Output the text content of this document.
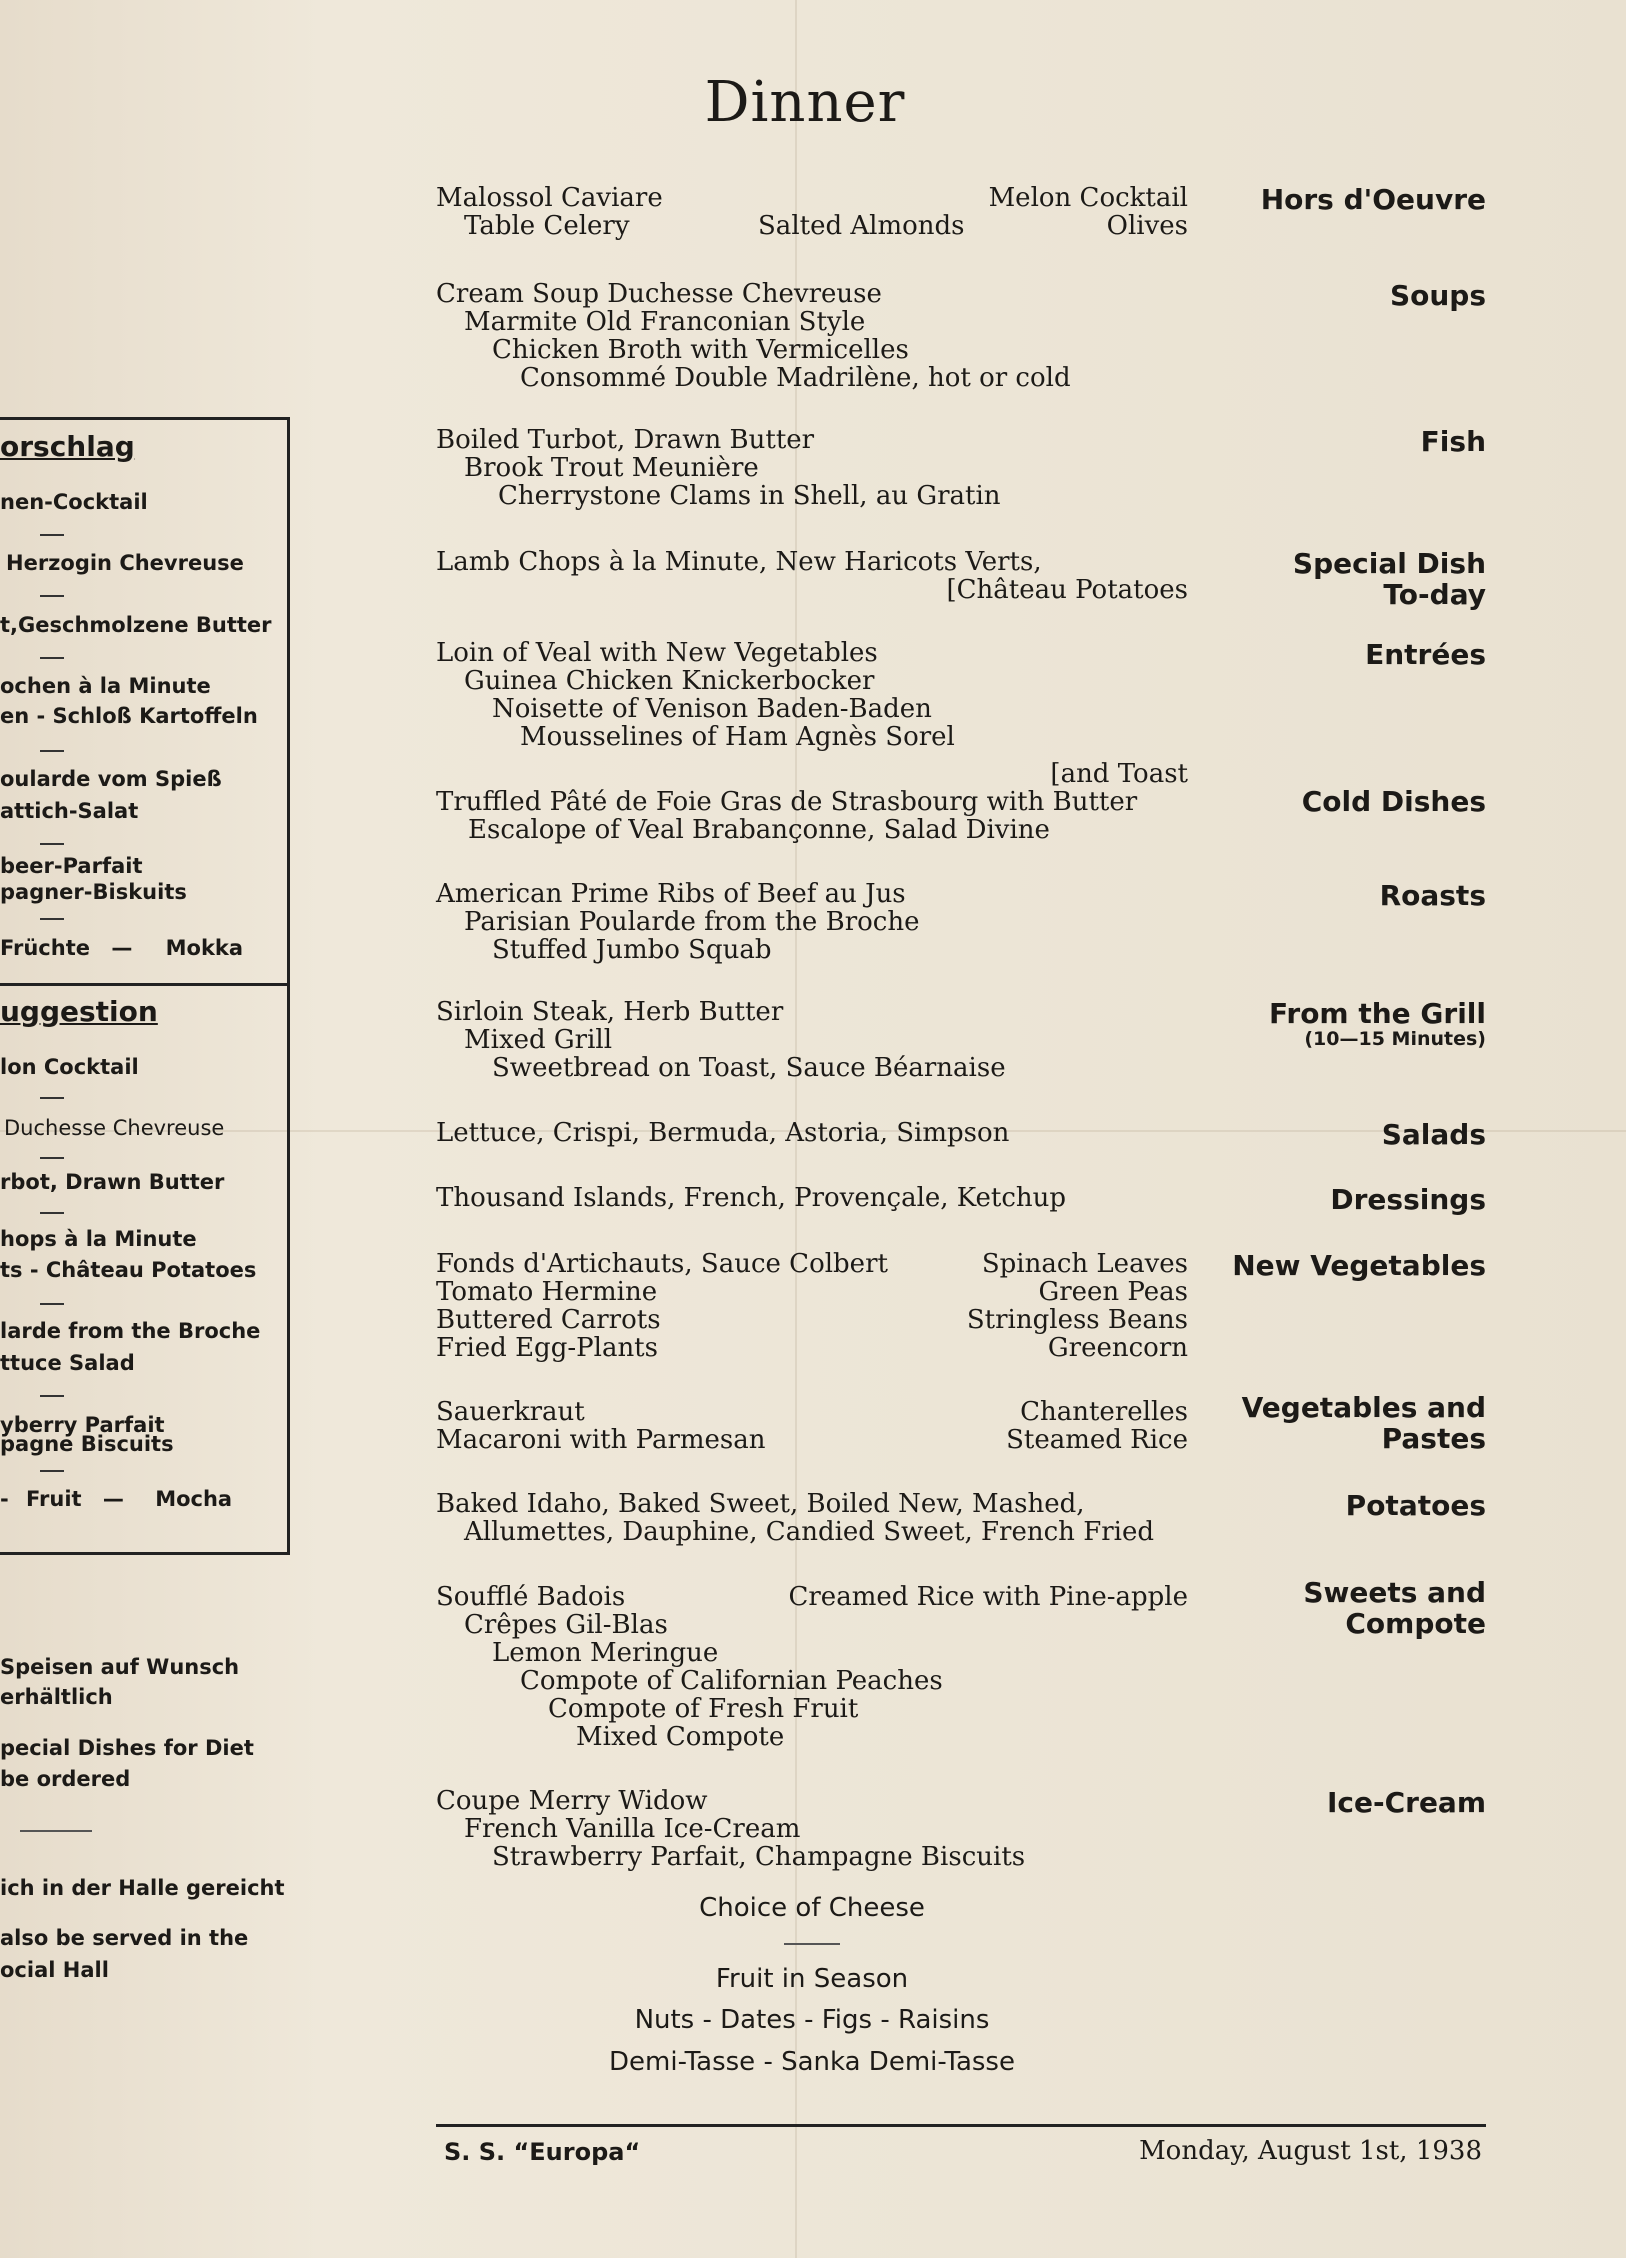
Dinner
Malossol Caviare	Melon Cocktail
Table Celery	Salted Almonds	Olives
Hors d'Oeuvre
Cream Soup Duchesse Chevreuse
Marmite Old Franconian Style
Chicken Broth with Vermicelles
Consommé Double Madrilène, hot or cold
Soups
Boiled Turbot, Drawn Butter
Brook Trout Meunière
Cherrystone Clams in Shell, au Gratin
Fish
Lamb Chops à la Minute, New Haricots Verts,
[Château Potatoes
Special Dish
To-day
Loin of Veal with New Vegetables
Guinea Chicken Knickerbocker
Noisette of Venison Baden-Baden
Mousselines of Ham Agnès Sorel
Entrées
[and Toast
Truffled Pâté de Foie Gras de Strasbourg with Butter
Escalope of Veal Brabançonne, Salad Divine
Cold Dishes
American Prime Ribs of Beef au Jus
Parisian Poularde from the Broche
Stuffed Jumbo Squab
Roasts
Sirloin Steak, Herb Butter
Mixed Grill
Sweetbread on Toast, Sauce Béarnaise
From the Grill
(10—15 Minutes)
Lettuce, Crispi, Bermuda, Astoria, Simpson	Salads
Thousand Islands, French, Provençale, Ketchup	Dressings
Fonds d'Artichauts, Sauce Colbert	Spinach Leaves
Tomato Hermine	Green Peas
Buttered Carrots	Stringless Beans
Fried Egg-Plants	Greencorn
New Vegetables
Sauerkraut	Chanterelles
Macaroni with Parmesan	Steamed Rice
Vegetables and
Pastes
Baked Idaho, Baked Sweet, Boiled New, Mashed,
Allumettes, Dauphine, Candied Sweet, French Fried
Potatoes
Soufflé Badois	Creamed Rice with Pine-apple
Crêpes Gil-Blas
Lemon Meringue
Compote of Californian Peaches
Compote of Fresh Fruit
Mixed Compote
Sweets and
Compote
Coupe Merry Widow
French Vanilla Ice-Cream
Strawberry Parfait, Champagne Biscuits
Ice-Cream
Choice of Cheese
Fruit in Season
Nuts - Dates - Figs - Raisins
Demi-Tasse - Sanka Demi-Tasse
S. S. “Europa“	Monday, August 1st, 1938
orschlag
nen-Cocktail
Herzogin Chevreuse
t,Geschmolzene Butter
ochen à la Minute
en - Schloß Kartoffeln
oularde vom Spieß
attich-Salat
beer-Parfait
pagner-Biskuits
Früchte — Mokka
uggestion
lon Cocktail
Duchesse Chevreuse
rbot, Drawn Butter
hops à la Minute
ts - Château Potatoes
larde from the Broche
ttuce Salad
yberry Parfait
pagne Biscuits
- Fruit — Mocha
Speisen auf Wunsch
erhältlich
pecial Dishes for Diet
be ordered
ich in der Halle gereicht
also be served in the
ocial Hall
